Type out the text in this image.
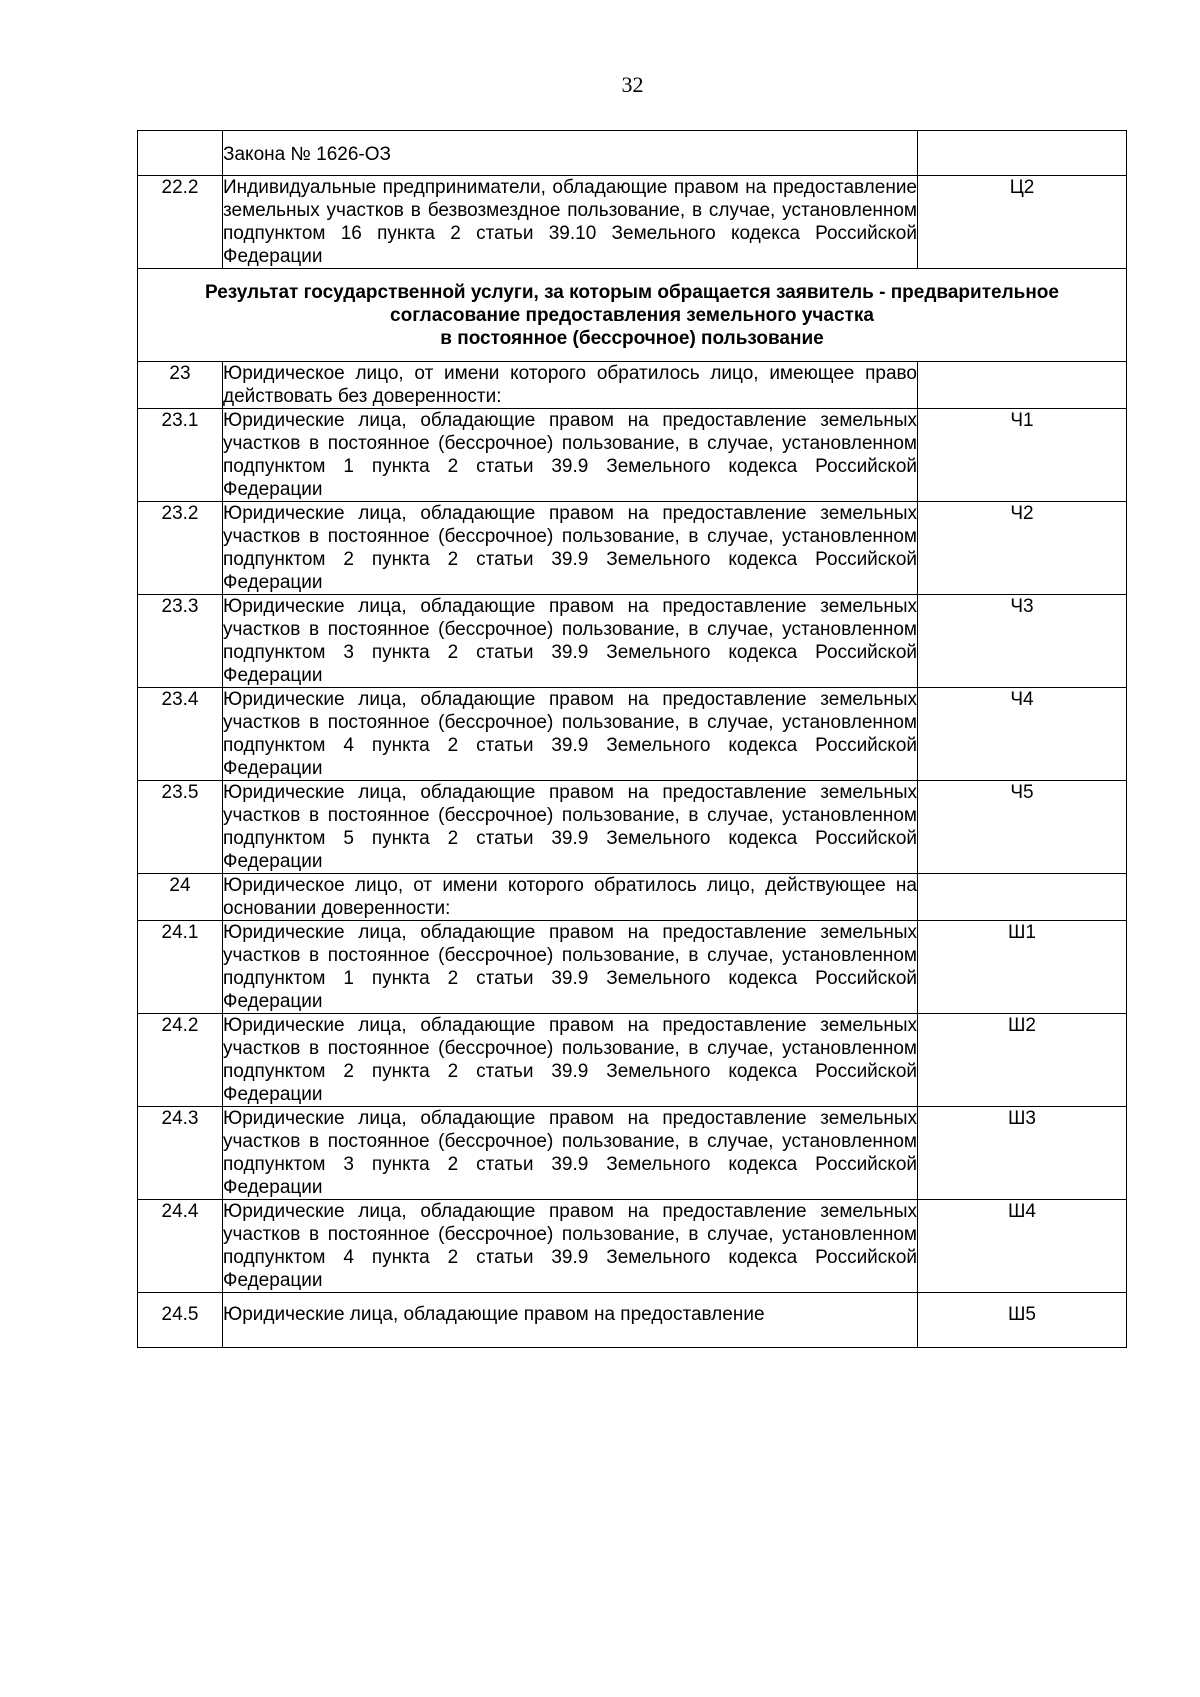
32
	Закона № 1626-ОЗ	
22.2	Индивидуальные предприниматели, обладающие правом на предоставление земельных участков в безвозмездное пользование, в случае, установленном подпунктом 16 пункта 2 статьи 39.10 Земельного кодекса Российской Федерации	Ц2

Результат государственной услуги, за которым обращается заявитель - предварительное
согласование предоставления земельного участка
в постоянное (бессрочное) пользование		

23	Юридическое лицо, от имени которого обратилось лицо, имеющее право действовать без доверенности:	
23.1	Юридические лица, обладающие правом на предоставление земельных участков в постоянное (бессрочное) пользование, в случае, установленном подпунктом 1 пункта 2 статьи 39.9 Земельного кодекса Российской Федерации	Ч1
23.2	Юридические лица, обладающие правом на предоставление земельных участков в постоянное (бессрочное) пользование, в случае, установленном подпунктом 2 пункта 2 статьи 39.9 Земельного кодекса Российской Федерации	Ч2
23.3	Юридические лица, обладающие правом на предоставление земельных участков в постоянное (бессрочное) пользование, в случае, установленном подпунктом 3 пункта 2 статьи 39.9 Земельного кодекса Российской Федерации	Ч3
23.4	Юридические лица, обладающие правом на предоставление земельных участков в постоянное (бессрочное) пользование, в случае, установленном подпунктом 4 пункта 2 статьи 39.9 Земельного кодекса Российской Федерации	Ч4
23.5	Юридические лица, обладающие правом на предоставление земельных участков в постоянное (бессрочное) пользование, в случае, установленном подпунктом 5 пункта 2 статьи 39.9 Земельного кодекса Российской Федерации	Ч5
24	Юридическое лицо, от имени которого обратилось лицо, действующее на основании доверенности:	
24.1	Юридические лица, обладающие правом на предоставление земельных участков в постоянное (бессрочное) пользование, в случае, установленном подпунктом 1 пункта 2 статьи 39.9 Земельного кодекса Российской Федерации	Ш1
24.2	Юридические лица, обладающие правом на предоставление земельных участков в постоянное (бессрочное) пользование, в случае, установленном подпунктом 2 пункта 2 статьи 39.9 Земельного кодекса Российской Федерации	Ш2
24.3	Юридические лица, обладающие правом на предоставление земельных участков в постоянное (бессрочное) пользование, в случае, установленном подпунктом 3 пункта 2 статьи 39.9 Земельного кодекса Российской Федерации	Ш3
24.4	Юридические лица, обладающие правом на предоставление земельных участков в постоянное (бессрочное) пользование, в случае, установленном подпунктом 4 пункта 2 статьи 39.9 Земельного кодекса Российской Федерации	Ш4
24.5	Юридические лица, обладающие правом на предоставление	Ш5
